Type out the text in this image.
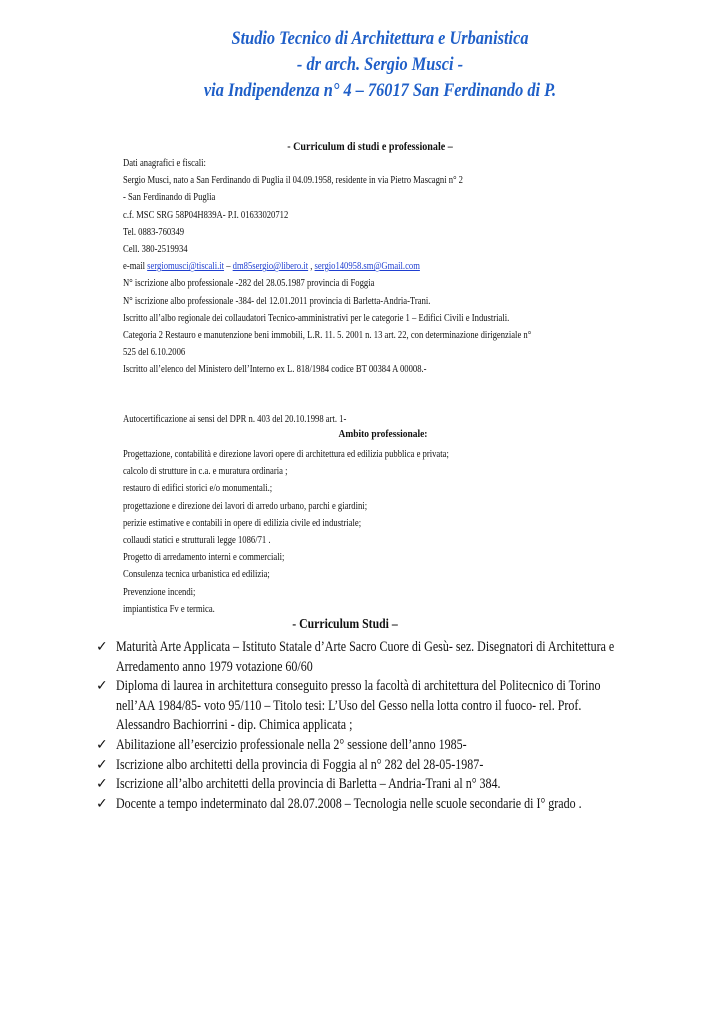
Studio Tecnico di Architettura e Urbanistica
- dr arch. Sergio Musci -
via Indipendenza n° 4 – 76017 San Ferdinando di P.
- Curriculum di studi e professionale –
Dati anagrafici e fiscali:
Sergio Musci, nato a San Ferdinando di Puglia il 04.09.1958, residente in via Pietro Mascagni n° 2
- San Ferdinando di Puglia
c.f. MSC SRG 58P04H839A- P.I. 01633020712
Tel. 0883-760349
Cell. 380-2519934
e-mail sergiomusci@tiscali.it – dm85sergio@libero.it , sergio140958.sm@Gmail.com
N° iscrizione albo professionale -282 del 28.05.1987 provincia di Foggia
N° iscrizione albo professionale -384- del 12.01.2011 provincia di Barletta-Andria-Trani.
Iscritto all’albo regionale dei collaudatori Tecnico-amministrativi per le categorie 1 – Edifici Civili e Industriali.
Categoria 2 Restauro e manutenzione beni immobili, L.R. 11. 5. 2001 n. 13 art. 22, con determinazione dirigenziale n°
525 del 6.10.2006
Iscritto all’elenco del Ministero dell’Interno ex L. 818/1984 codice BT 00384 A 00008.-
Autocertificazione ai sensi del DPR n. 403 del 20.10.1998 art. 1-
Ambito professionale:
Progettazione, contabilità e direzione lavori opere di architettura ed edilizia pubblica e privata;
calcolo di strutture in c.a. e muratura ordinaria ;
restauro di edifici storici e/o monumentali.;
progettazione e direzione dei lavori di arredo urbano, parchi e giardini;
perizie estimative e contabili in opere di edilizia civile ed industriale;
collaudi statici e strutturali legge 1086/71 .
Progetto di arredamento interni e commerciali;
Consulenza tecnica urbanistica ed edilizia;
Prevenzione incendi;
impiantistica Fv e termica.
- Curriculum Studi –
✓ Maturità Arte Applicata – Istituto Statale d’Arte Sacro Cuore di Gesù- sez. Disegnatori di Architettura e
Arredamento anno 1979 votazione 60/60
✓ Diploma di laurea in architettura conseguito presso la facoltà di architettura del Politecnico di Torino
nell’AA 1984/85- voto 95/110 – Titolo tesi: L’Uso del Gesso nella lotta contro il fuoco- rel. Prof.
Alessandro Bachiorrini - dip. Chimica applicata ;
✓ Abilitazione all’esercizio professionale nella 2° sessione dell’anno 1985-
✓ Iscrizione albo architetti della provincia di Foggia al n° 282 del 28-05-1987-
✓ Iscrizione all’albo architetti della provincia di Barletta – Andria-Trani al n° 384.
✓ Docente a tempo indeterminato dal 28.07.2008 – Tecnologia nelle scuole secondarie di I° grado .
